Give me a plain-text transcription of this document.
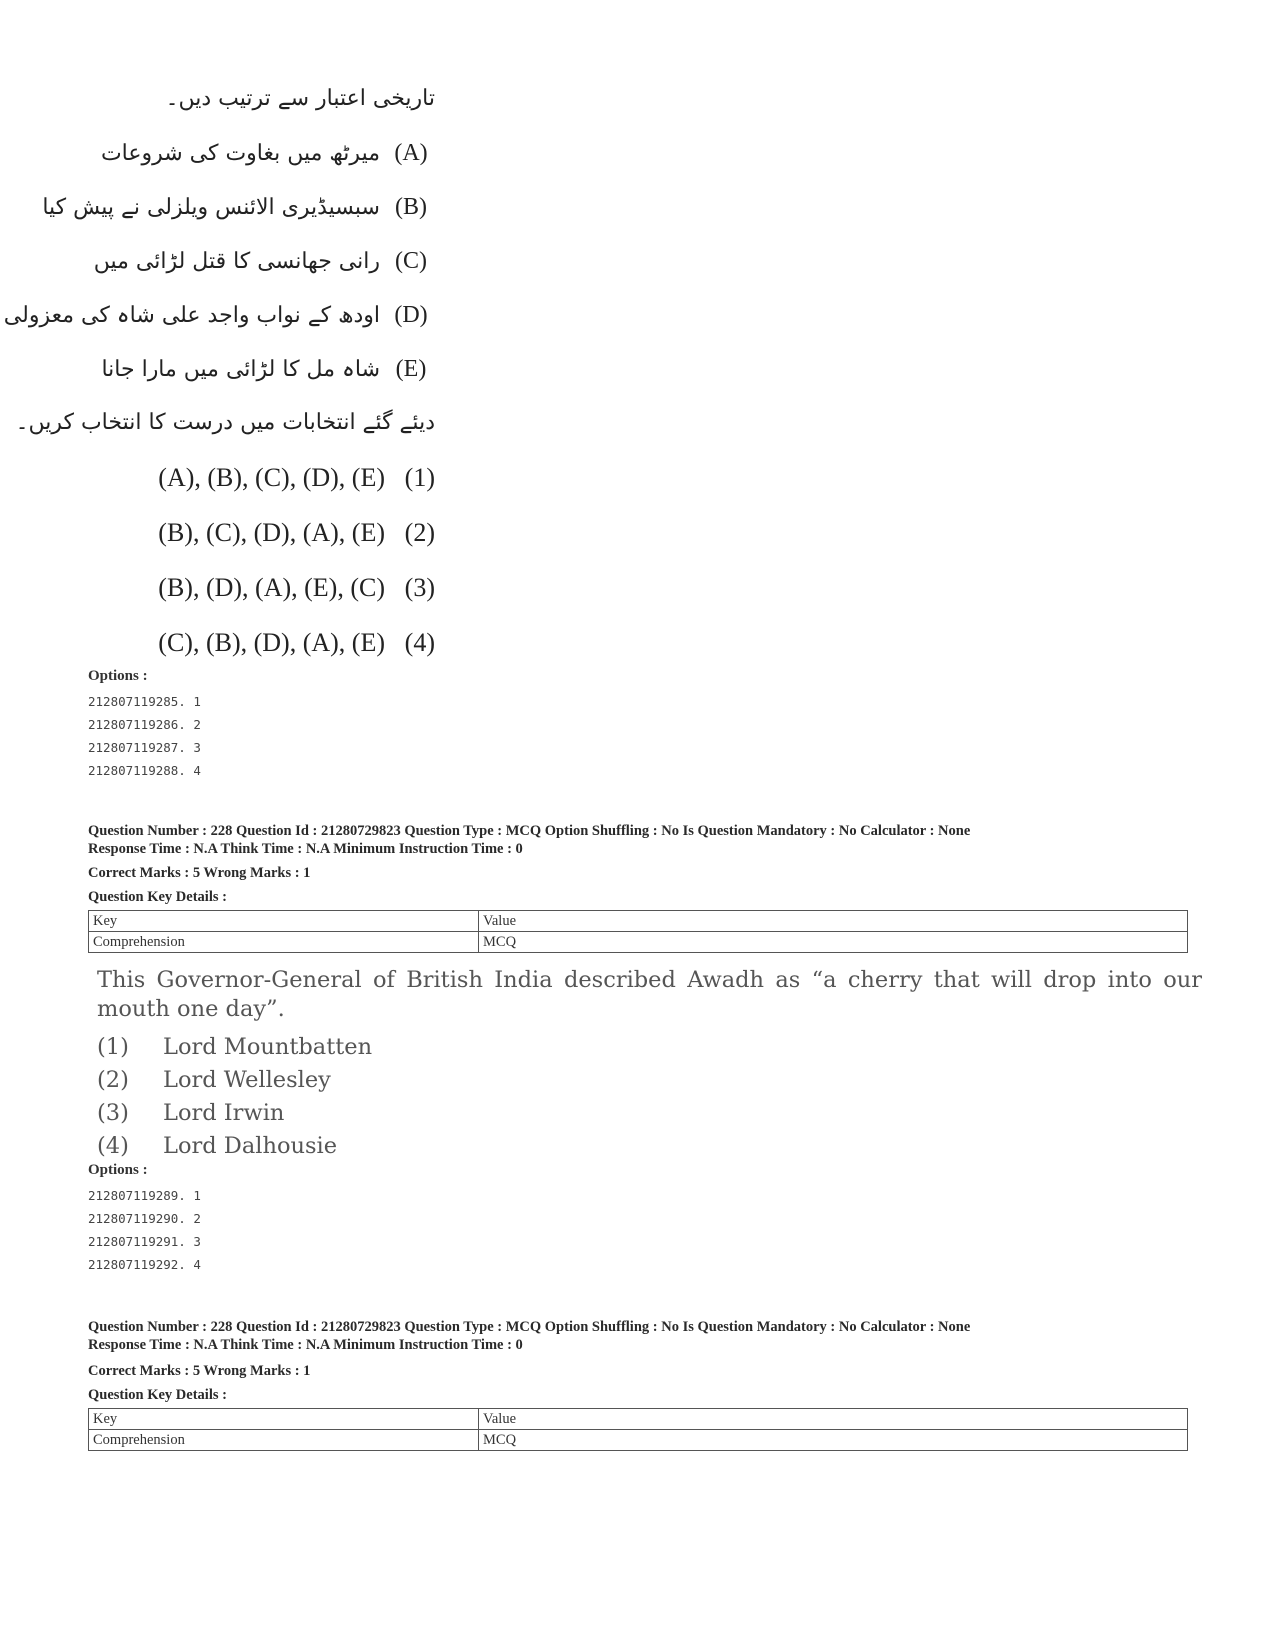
تاریخی اعتبار سے ترتیب دیں۔
(A) میرٹھ میں بغاوت کی شروعات
(B) سبسیڈیری الائنس ویلزلی نے پیش کیا
(C) رانی جھانسی کا قتل لڑائی میں
(D) اودھ کے نواب واجد علی شاہ کی معزولی
(E) شاہ مل کا لڑائی میں مارا جانا
دیئے گئے انتخابات میں درست کا انتخاب کریں۔
(A), (B), (C), (D), (E) (1)
(B), (C), (D), (A), (E) (2)
(B), (D), (A), (E), (C) (3)
(C), (B), (D), (A), (E) (4)
Options :
212807119285. 1
212807119286. 2
212807119287. 3
212807119288. 4
Question Number : 228 Question Id : 21280729823 Question Type : MCQ Option Shuffling : No Is Question Mandatory : No Calculator : None
Response Time : N.A Think Time : N.A Minimum Instruction Time : 0
Correct Marks : 5 Wrong Marks : 1
Question Key Details :
Key	Value
Comprehension	MCQ
This Governor-General of British India described Awadh as “a cherry that will drop into our mouth one day”.
(1) Lord Mountbatten
(2) Lord Wellesley
(3) Lord Irwin
(4) Lord Dalhousie
Options :
212807119289. 1
212807119290. 2
212807119291. 3
212807119292. 4
Question Number : 228 Question Id : 21280729823 Question Type : MCQ Option Shuffling : No Is Question Mandatory : No Calculator : None
Response Time : N.A Think Time : N.A Minimum Instruction Time : 0
Correct Marks : 5 Wrong Marks : 1
Question Key Details :
Key	Value
Comprehension	MCQ
